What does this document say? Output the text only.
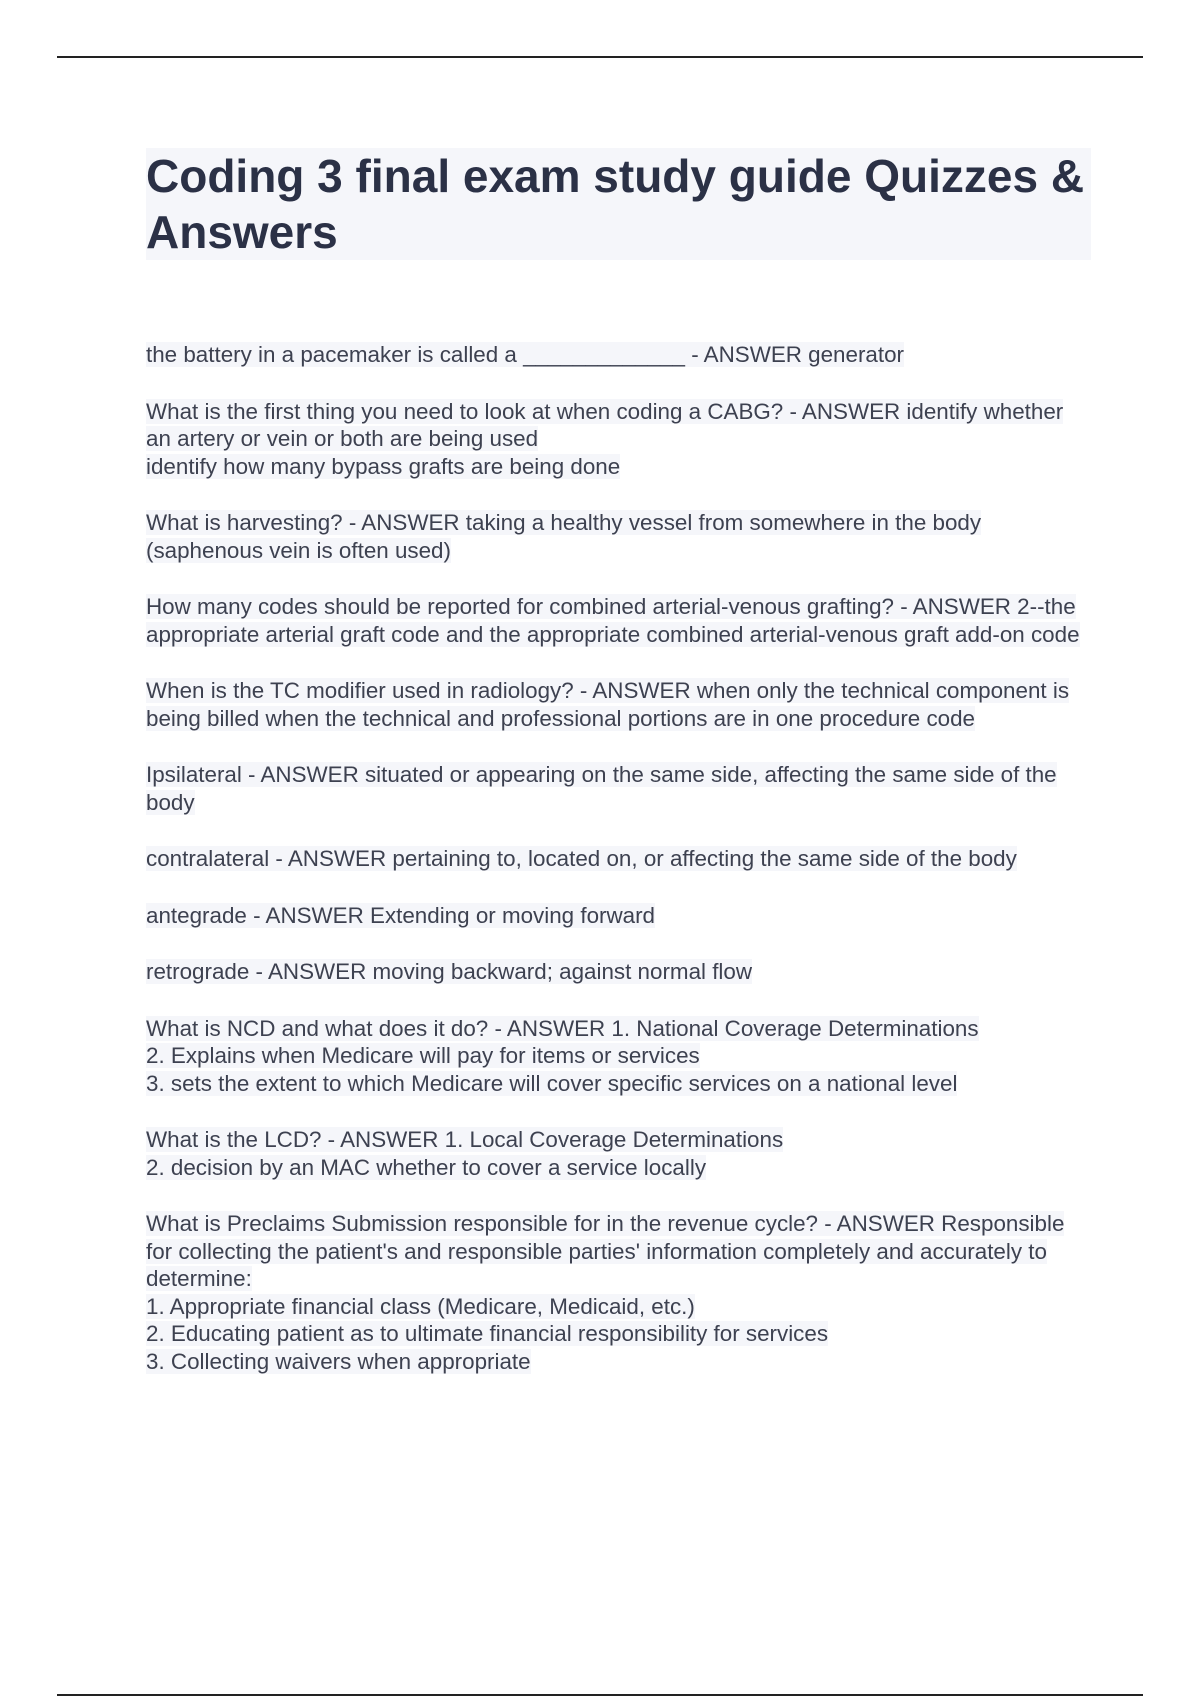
Coding 3 final exam study guide Quizzes & Answers
the battery in a pacemaker is called a _____________ - ANSWER generator
What is the first thing you need to look at when coding a CABG? - ANSWER identify whether an artery or vein or both are being used
identify how many bypass grafts are being done
What is harvesting? - ANSWER taking a healthy vessel from somewhere in the body (saphenous vein is often used)
How many codes should be reported for combined arterial-venous grafting? - ANSWER 2--the appropriate arterial graft code and the appropriate combined arterial-venous graft add-on code
When is the TC modifier used in radiology? - ANSWER when only the technical component is being billed when the technical and professional portions are in one procedure code
Ipsilateral - ANSWER situated or appearing on the same side, affecting the same side of the body
contralateral - ANSWER pertaining to, located on, or affecting the same side of the body
antegrade - ANSWER Extending or moving forward
retrograde - ANSWER moving backward; against normal flow
What is NCD and what does it do? - ANSWER 1. National Coverage Determinations
2. Explains when Medicare will pay for items or services
3. sets the extent to which Medicare will cover specific services on a national level
What is the LCD? - ANSWER 1. Local Coverage Determinations
2. decision by an MAC whether to cover a service locally
What is Preclaims Submission responsible for in the revenue cycle? - ANSWER Responsible for collecting the patient's and responsible parties' information completely and accurately to determine:
1. Appropriate financial class (Medicare, Medicaid, etc.)
2. Educating patient as to ultimate financial responsibility for services
3. Collecting waivers when appropriate
